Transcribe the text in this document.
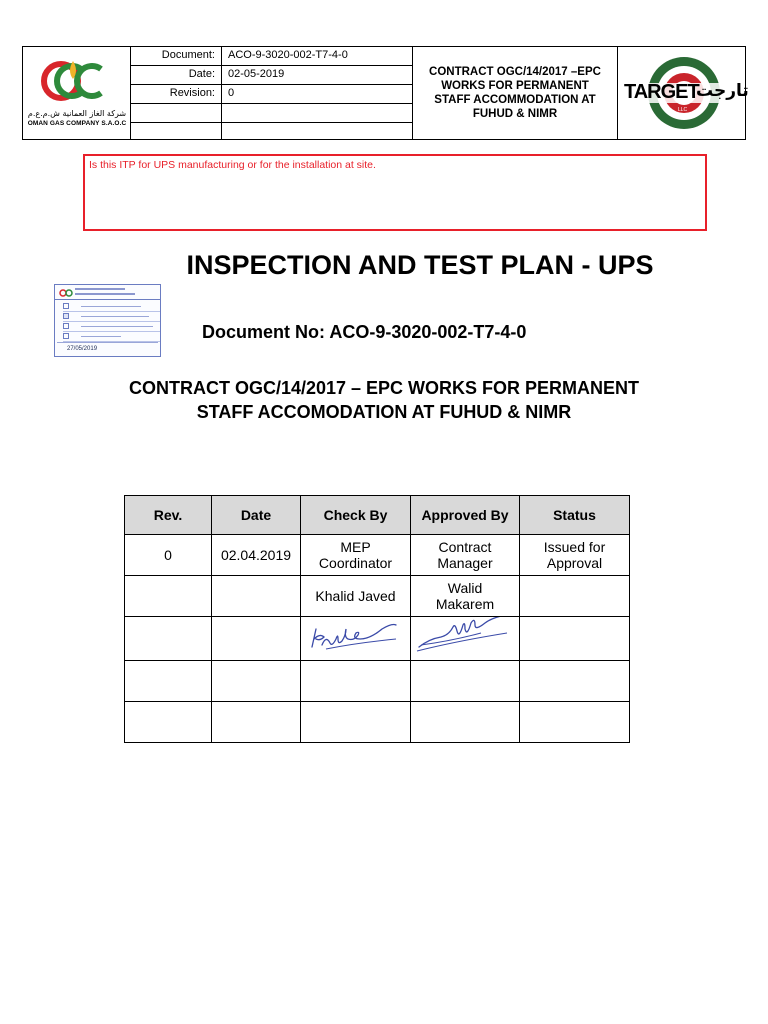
شركة الغاز العمانية ش.م.ع.م
OMAN GAS COMPANY S.A.O.C
Document:	ACO-9-3020-002-T7-4-0
Date:	02-05-2019
Revision:	0
CONTRACT OGC/14/2017 –EPC WORKS FOR PERMANENT STAFF ACCOMMODATION AT FUHUD & NIMR
TARGET
تارجت
LLC
Is this ITP for UPS manufacturing or for the installation at site.
INSPECTION AND TEST PLAN - UPS
27/05/2019
Document No: ACO-9-3020-002-T7-4-0
CONTRACT OGC/14/2017 – EPC WORKS FOR PERMANENT
STAFF ACCOMODATION AT FUHUD & NIMR
Rev.	Date	Check By	Approved By	Status
0	02.04.2019	MEP Coordinator	Contract Manager	Issued for Approval
		Khalid Javed	Walid Makarem	
